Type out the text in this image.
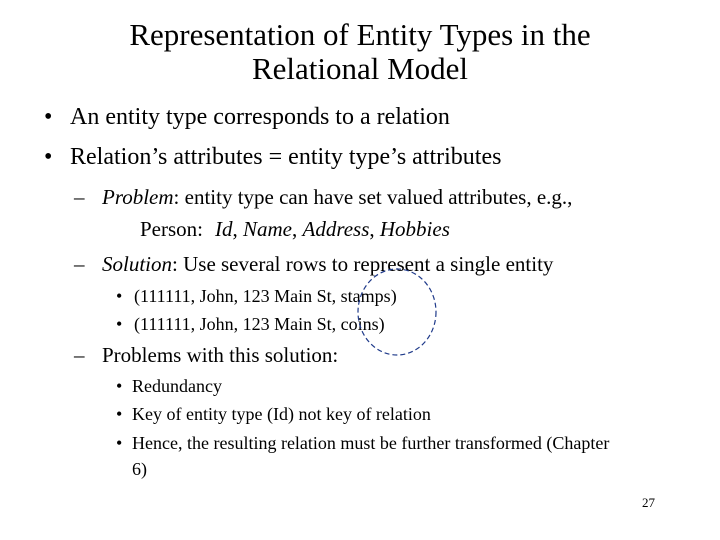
Representation of Entity Types in the
Relational Model
• An entity type corresponds to a relation
• Relation’s attributes = entity type’s attributes
– Problem: entity type can have set valued attributes, e.g.,
Person: Id, Name, Address, Hobbies
– Solution: Use several rows to represent a single entity
• (111111, John, 123 Main St, stamps)
• (111111, John, 123 Main St, coins)
– Problems with this solution:
• Redundancy
• Key of entity type (Id) not key of relation
• Hence, the resulting relation must be further transformed (Chapter
6)
27
